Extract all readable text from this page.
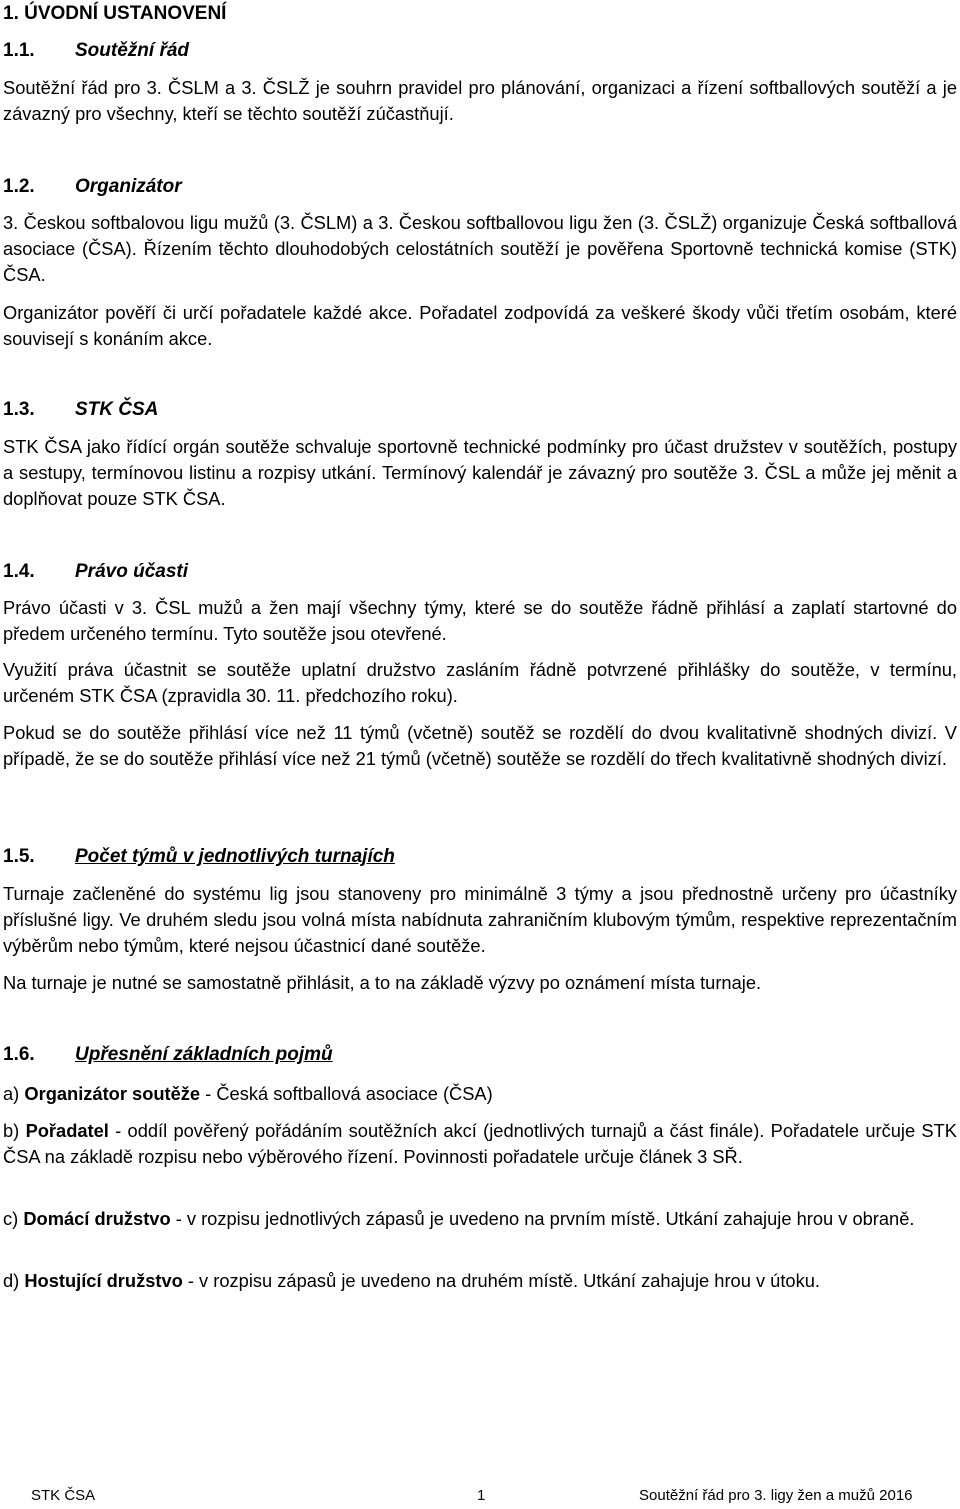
1. ÚVODNÍ USTANOVENÍ
1.1. Soutěžní řád
Soutěžní řád pro 3. ČSLM a 3. ČSLŽ je souhrn pravidel pro plánování, organizaci a řízení softballových soutěží a je závazný pro všechny, kteří se těchto soutěží zúčastňují.
1.2. Organizátor
3. Českou softbalovou ligu mužů (3. ČSLM) a 3. Českou softballovou ligu žen (3. ČSLŽ) organizuje Česká softballová asociace (ČSA). Řízením těchto dlouhodobých celostátních soutěží je pověřena Sportovně technická komise (STK) ČSA.
Organizátor pověří či určí pořadatele každé akce. Pořadatel zodpovídá za veškeré škody vůči třetím osobám, které souvisejí s konáním akce.
1.3. STK ČSA
STK ČSA jako řídící orgán soutěže schvaluje sportovně technické podmínky pro účast družstev v soutěžích, postupy a sestupy, termínovou listinu a rozpisy utkání. Termínový kalendář je závazný pro soutěže 3. ČSL a může jej měnit a doplňovat pouze STK ČSA.
1.4. Právo účasti
Právo účasti v 3. ČSL mužů a žen mají všechny týmy, které se do soutěže řádně přihlásí a zaplatí startovné do předem určeného termínu. Tyto soutěže jsou otevřené.
Využití práva účastnit se soutěže uplatní družstvo zasláním řádně potvrzené přihlášky do soutěže, v termínu, určeném STK ČSA (zpravidla 30. 11. předchozího roku).
Pokud se do soutěže přihlásí více než 11 týmů (včetně) soutěž se rozdělí do dvou kvalitativně shodných divizí. V případě, že se do soutěže přihlásí více než 21 týmů (včetně) soutěže se rozdělí do třech kvalitativně shodných divizí.
1.5. Počet týmů v jednotlivých turnajích
Turnaje začleněné do systému lig jsou stanoveny pro minimálně 3 týmy a jsou přednostně určeny pro účastníky příslušné ligy. Ve druhém sledu jsou volná místa nabídnuta zahraničním klubovým týmům, respektive reprezentačním výběrům nebo týmům, které nejsou účastnicí dané soutěže.
Na turnaje je nutné se samostatně přihlásit, a to na základě výzvy po oznámení místa turnaje.
1.6. Upřesnění základních pojmů
a) Organizátor soutěže - Česká softballová asociace (ČSA)
b) Pořadatel - oddíl pověřený pořádáním soutěžních akcí (jednotlivých turnajů a část finále). Pořadatele určuje STK ČSA na základě rozpisu nebo výběrového řízení. Povinnosti pořadatele určuje článek 3 SŘ.
c) Domácí družstvo - v rozpisu jednotlivých zápasů je uvedeno na prvním místě. Utkání zahajuje hrou v obraně.
d) Hostující družstvo - v rozpisu zápasů je uvedeno na druhém místě. Utkání zahajuje hrou v útoku.
STK ČSA	1	Soutěžní řád pro 3. ligy žen a mužů 2016
